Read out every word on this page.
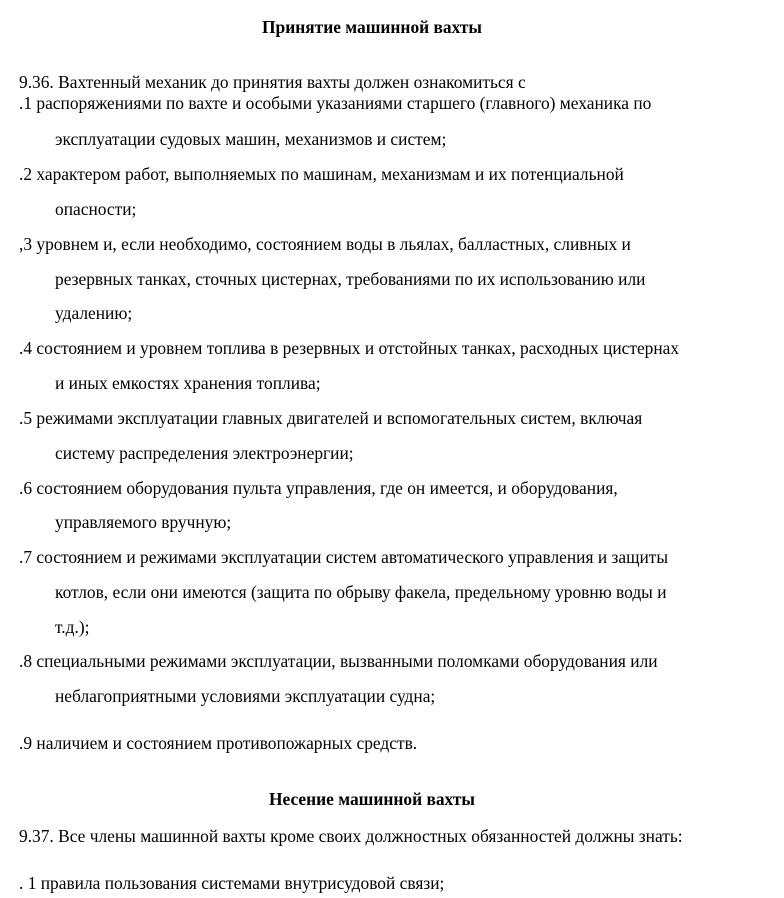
Принятие машинной вахты
9.36. Вахтенный механик до принятия вахты должен ознакомиться с
.1 распоряжениями по вахте и особыми указаниями старшего (главного) механика по
эксплуатации судовых машин, механизмов и систем;
.2 характером работ, выполняемых по машинам, механизмам и их потенциальной
опасности;
,3 уровнем и, если необходимо, состоянием воды в льялах, балластных, сливных и
резервных танках, сточных цистернах, требованиями по их использованию или
удалению;
.4 состоянием и уровнем топлива в резервных и отстойных танках, расходных цистернах
и иных емкостях хранения топлива;
.5 режимами эксплуатации главных двигателей и вспомогательных систем, включая
систему распределения электроэнергии;
.6 состоянием оборудования пульта управления, где он имеется, и оборудования,
управляемого вручную;
.7 состоянием и режимами эксплуатации систем автоматического управления и защиты
котлов, если они имеются (защита по обрыву факела, предельному уровню воды и
т.д.);
.8 специальными режимами эксплуатации, вызванными поломками оборудования или
неблагоприятными условиями эксплуатации судна;
.9 наличием и состоянием противопожарных средств.
Несение машинной вахты
9.37. Все члены машинной вахты кроме своих должностных обязанностей должны знать:
. 1 правила пользования системами внутрисудовой связи;
